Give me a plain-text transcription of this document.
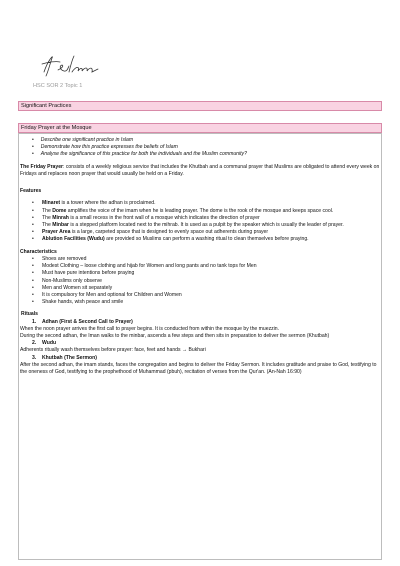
HSC SOR 2 Topic 1
Significant Practices
Friday Prayer at the Mosque
• Describe one significant practice in Islam
• Demonstrate how this practice expresses the beliefs of Islam
• Analyse the significance of this practice for both the individuals and the Muslim community?

The Friday Prayer: consists of a weekly religious service that includes the Khutbah and a communal prayer that Muslims are obligated to attend every week on Fridays and replaces noon prayer that would usually be held on a Friday.

Features

• Minaret is a tower where the adhan is proclaimed.
• The Dome amplifies the voice of the imam when he is leading prayer. The dome is the rook of the mosque and keeps space cool.
• The Minrah is a small recess in the front wall of a mosque which indicates the direction of prayer
• The Minbar is a stepped platform located next to the mihrab. It is used as a pulpit by the speaker which is usually the leader of prayer.
• Prayer Area is a large, carpeted space that is designed to evenly space out adherents during prayer
• Ablution Facilities (Wudu) are provided so Muslims can perform a washing ritual to clean themselves before praying.

Characteristics

• Shoes are removed
• Modest Clothing – loose clothing and hijab for Women and long pants and no tank tops for Men
• Must have pure intentions before praying
• Non-Muslims only observe
• Men and Women sit separately
• It is compulsory for Men and optional for Children and Women
• Shake hands, wish peace and smile

Rituals

1. Adhan (First & Second Call to Prayer)

When the noon prayer arrives the first call to prayer begins. It is conducted from within the mosque by the muezzin.

During the second adhan, the Iman walks to the minbar, ascends a few steps and then sits in preparation to deliver the sermon (Khutbah)

2. Wudu

Adherents ritually wash themselves before prayer: face, feet and hands → Bukhari

3. Khutbah (The Sermon)

After the second adhan, the imam stands, faces the congregation and begins to deliver the Friday Sermon. It includes gratitude and praise to God, testifying to the oneness of God, testifying to the prophethood of Muhammad (pbuh), recitation of verses from the Qur'an. (An-Nah 16:90)
